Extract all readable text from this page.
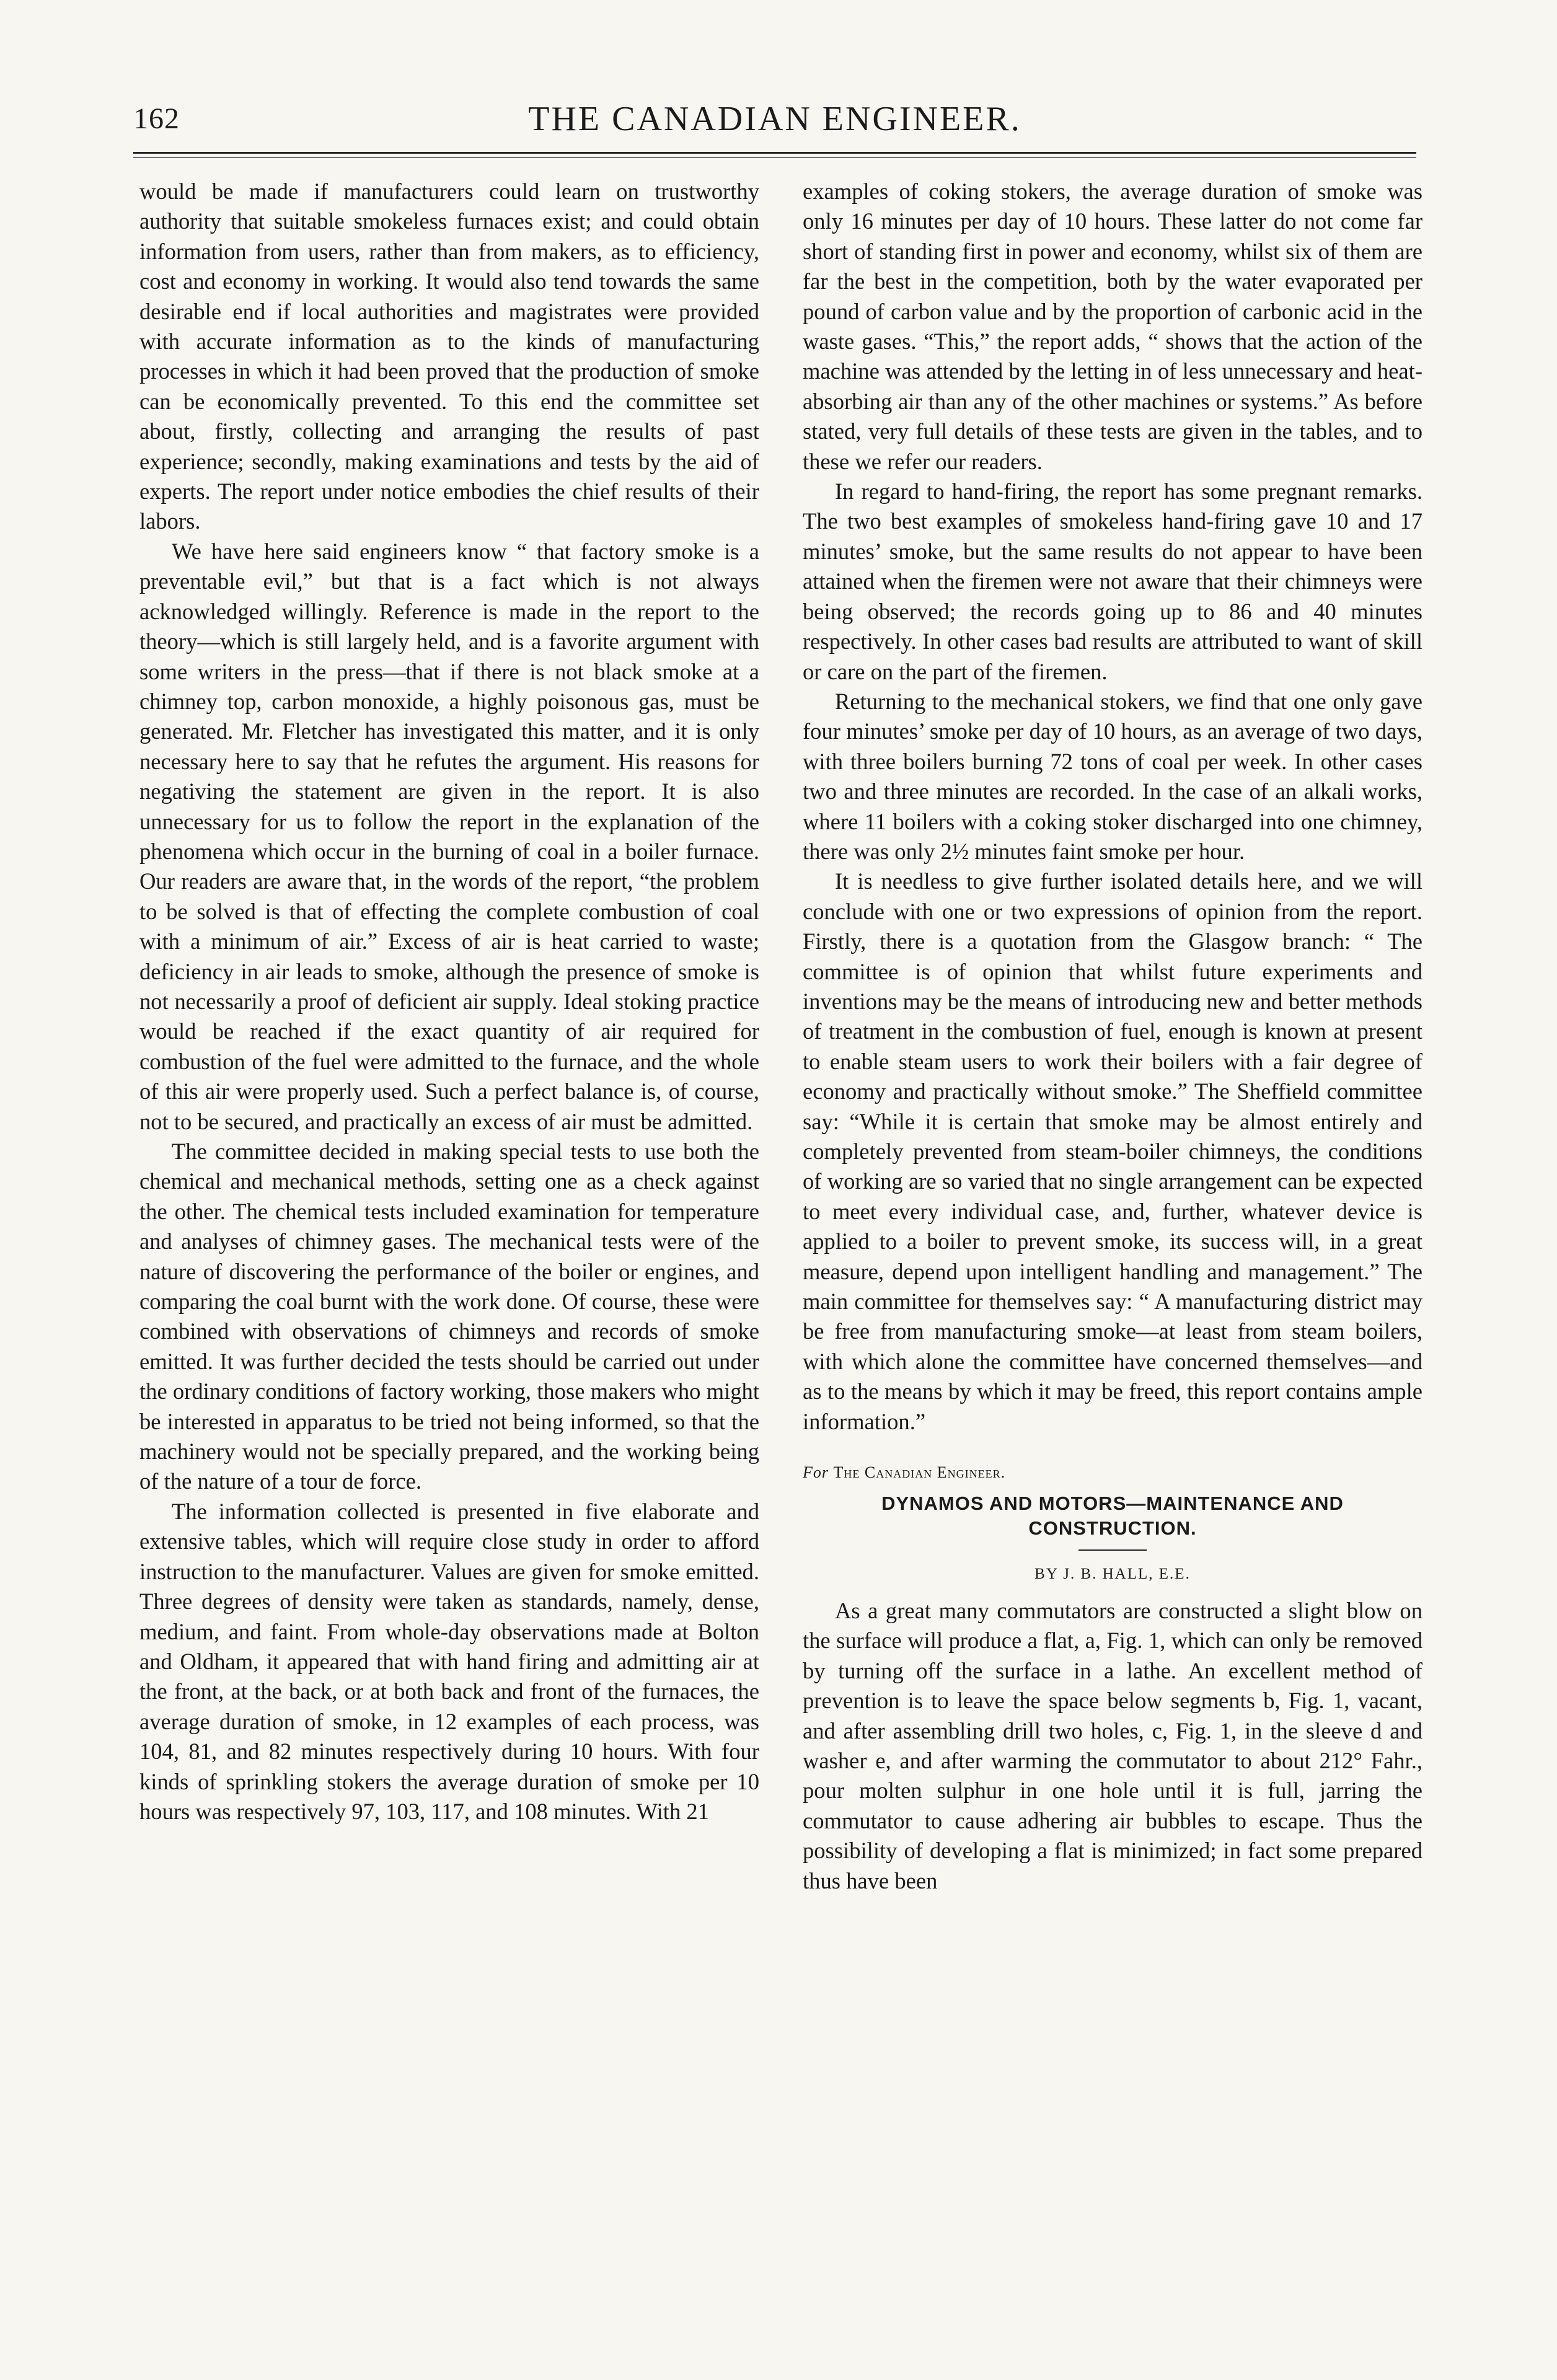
162	THE CANADIAN ENGINEER.

would be made if manufacturers could learn on trustworthy authority that suitable smokeless furnaces exist; and could obtain information from users, rather than from makers, as to efficiency, cost and economy in working. It would also tend towards the same desirable end if local authorities and magistrates were provided with accurate information as to the kinds of manufacturing processes in which it had been proved that the production of smoke can be economically prevented. To this end the committee set about, firstly, collecting and arranging the results of past experience; secondly, making examinations and tests by the aid of experts. The report under notice embodies the chief results of their labors.

We have here said engineers know “ that factory smoke is a preventable evil,” but that is a fact which is not always acknowledged willingly. Reference is made in the report to the theory—which is still largely held, and is a favorite argument with some writers in the press—that if there is not black smoke at a chimney top, carbon monoxide, a highly poisonous gas, must be generated. Mr. Fletcher has investigated this matter, and it is only necessary here to say that he refutes the argument. His reasons for negativing the statement are given in the report. It is also unnecessary for us to follow the report in the explanation of the phenomena which occur in the burning of coal in a boiler furnace. Our readers are aware that, in the words of the report, “the problem to be solved is that of effecting the complete combustion of coal with a minimum of air.” Excess of air is heat carried to waste; deficiency in air leads to smoke, although the presence of smoke is not necessarily a proof of deficient air supply. Ideal stoking practice would be reached if the exact quantity of air required for combustion of the fuel were admitted to the furnace, and the whole of this air were properly used. Such a perfect balance is, of course, not to be secured, and practically an excess of air must be admitted.

The committee decided in making special tests to use both the chemical and mechanical methods, setting one as a check against the other. The chemical tests included examination for temperature and analyses of chimney gases. The mechanical tests were of the nature of discovering the performance of the boiler or engines, and comparing the coal burnt with the work done. Of course, these were combined with observations of chimneys and records of smoke emitted. It was further decided the tests should be carried out under the ordinary conditions of factory working, those makers who might be interested in apparatus to be tried not being informed, so that the machinery would not be specially prepared, and the working being of the nature of a tour de force.

The information collected is presented in five elaborate and extensive tables, which will require close study in order to afford instruction to the manufacturer. Values are given for smoke emitted. Three degrees of density were taken as standards, namely, dense, medium, and faint. From whole-day observations made at Bolton and Oldham, it appeared that with hand firing and admitting air at the front, at the back, or at both back and front of the furnaces, the average duration of smoke, in 12 examples of each process, was 104, 81, and 82 minutes respectively during 10 hours. With four kinds of sprinkling stokers the average duration of smoke per 10 hours was respectively 97, 103, 117, and 108 minutes. With 21

examples of coking stokers, the average duration of smoke was only 16 minutes per day of 10 hours. These latter do not come far short of standing first in power and economy, whilst six of them are far the best in the competition, both by the water evaporated per pound of carbon value and by the proportion of carbonic acid in the waste gases. “This,” the report adds, “ shows that the action of the machine was attended by the letting in of less unnecessary and heat-absorbing air than any of the other machines or systems.” As before stated, very full details of these tests are given in the tables, and to these we refer our readers.

In regard to hand-firing, the report has some pregnant remarks. The two best examples of smokeless hand-firing gave 10 and 17 minutes’ smoke, but the same results do not appear to have been attained when the firemen were not aware that their chimneys were being observed; the records going up to 86 and 40 minutes respectively. In other cases bad results are attributed to want of skill or care on the part of the firemen.

Returning to the mechanical stokers, we find that one only gave four minutes’ smoke per day of 10 hours, as an average of two days, with three boilers burning 72 tons of coal per week. In other cases two and three minutes are recorded. In the case of an alkali works, where 11 boilers with a coking stoker discharged into one chimney, there was only 2½ minutes faint smoke per hour.

It is needless to give further isolated details here, and we will conclude with one or two expressions of opinion from the report. Firstly, there is a quotation from the Glasgow branch: “ The committee is of opinion that whilst future experiments and inventions may be the means of introducing new and better methods of treatment in the combustion of fuel, enough is known at present to enable steam users to work their boilers with a fair degree of economy and practically without smoke.” The Sheffield committee say: “While it is certain that smoke may be almost entirely and completely prevented from steam-boiler chimneys, the conditions of working are so varied that no single arrangement can be expected to meet every individual case, and, further, whatever device is applied to a boiler to prevent smoke, its success will, in a great measure, depend upon intelligent handling and management.” The main committee for themselves say: “ A manufacturing district may be free from manufacturing smoke—at least from steam boilers, with which alone the committee have concerned themselves—and as to the means by which it may be freed, this report contains ample information.”

For The Canadian Engineer.
DYNAMOS AND MOTORS—MAINTENANCE AND CONSTRUCTION.
BY J. B. HALL, E.E.

As a great many commutators are constructed a slight blow on the surface will produce a flat, a, Fig. 1, which can only be removed by turning off the surface in a lathe. An excellent method of prevention is to leave the space below segments b, Fig. 1, vacant, and after assembling drill two holes, c, Fig. 1, in the sleeve d and washer e, and after warming the commutator to about 212° Fahr., pour molten sulphur in one hole until it is full, jarring the commutator to cause adhering air bubbles to escape. Thus the possibility of developing a flat is minimized; in fact some prepared thus have been
